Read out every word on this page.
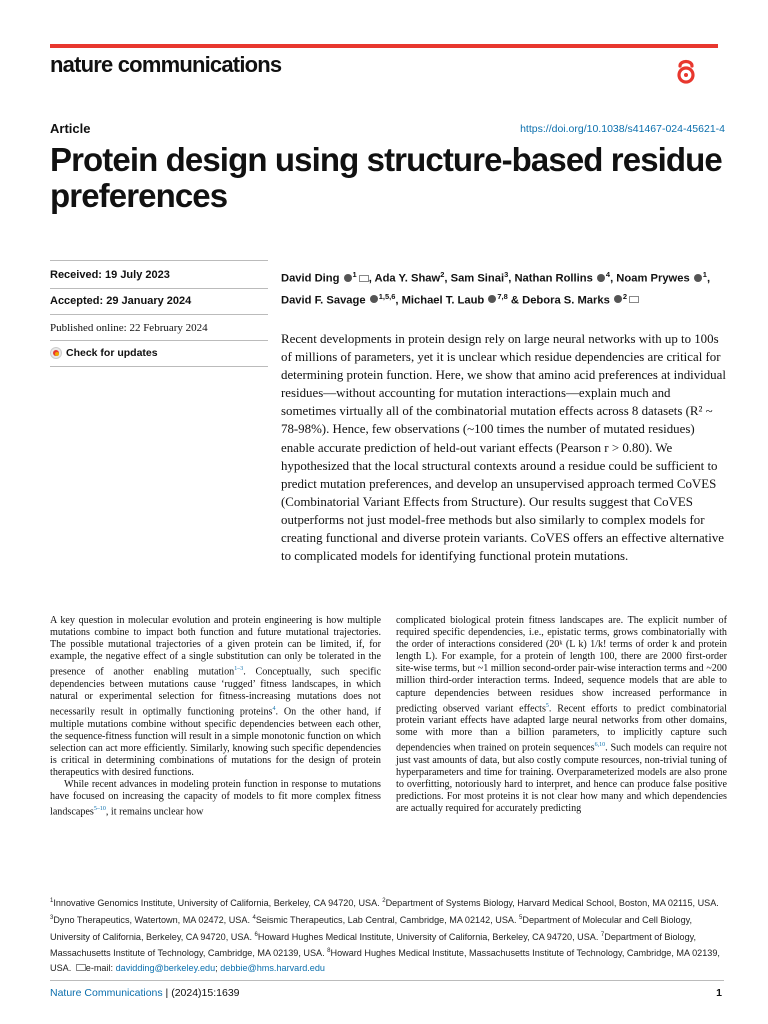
nature communications
Article	https://doi.org/10.1038/s41467-024-45621-4
Protein design using structure-based residue preferences
Received: 19 July 2023
Accepted: 29 January 2024
Published online: 22 February 2024
Check for updates
David Ding $^1$ , Ada Y. Shaw$^2$, Sam Sinai$^3$, Nathan Rollins $^4$, Noam Prywes $^1$, David F. Savage $^{1,5,6}$, Michael T. Laub $^{7,8}$ & Debora S. Marks $^2$

Recent developments in protein design rely on large neural networks with up to 100s of millions of parameters, yet it is unclear which residue dependencies are critical for determining protein function. Here, we show that amino acid preferences at individual residues—without accounting for mutation interactions—explain much and sometimes virtually all of the combinatorial mutation effects across 8 datasets (R² ~ 78-98%). Hence, few observations (~100 times the number of mutated residues) enable accurate prediction of held-out variant effects (Pearson r > 0.80). We hypothesized that the local structural contexts around a residue could be sufficient to predict mutation preferences, and develop an unsupervised approach termed CoVES (Combinatorial Variant Effects from Structure). Our results suggest that CoVES outperforms not just model-free methods but also similarly to complex models for creating functional and diverse protein variants. CoVES offers an effective alternative to complicated models for identifying functional protein mutations.

A key question in molecular evolution and protein engineering is how multiple mutations combine to impact both function and future mutational trajectories. The possible mutational trajectories of a given protein can be limited, if, for example, the negative effect of a single substitution can only be tolerated in the presence of another enabling mutation$^{1-3}$. Conceptually, such specific dependencies between mutations cause ‘rugged’ fitness landscapes, in which natural or experimental selection for fitness-increasing mutations does not necessarily result in optimally functioning proteins$^4$. On the other hand, if multiple mutations combine without specific dependencies between each other, the sequence-fitness function will result in a simple monotonic function on which selection can act more efficiently. Similarly, knowing such specific dependencies is critical in determining combinations of mutations for the design of protein therapeutics with desired functions.

While recent advances in modeling protein function in response to mutations have focused on increasing the capacity of models to fit more complex fitness landscapes$^{5-10}$, it remains unclear how

complicated biological protein fitness landscapes are. The explicit number of required specific dependencies, i.e., epistatic terms, grows combinatorially with the order of interactions considered (20ᵏ (L k) 1/k! terms of order k and protein length L). For example, for a protein of length 100, there are 2000 first-order site-wise terms, but ~1 million second-order pair-wise interaction terms and ~200 million third-order interaction terms. Indeed, sequence models that are able to capture dependencies between residues show increased performance in predicting observed variant effects$^5$. Recent efforts to predict combinatorial protein variant effects have adapted large neural networks from other domains, some with more than a billion parameters, to implicitly capture such dependencies when trained on protein sequences$^{6,10}$. Such models can require not just vast amounts of data, but also costly compute resources, non-trivial tuning of hyperparameters and time for training. Overparameterized models are also prone to overfitting, notoriously hard to interpret, and hence can produce false positive predictions. For most proteins it is not clear how many and which dependencies are actually required for accurately predicting

$^1$Innovative Genomics Institute, University of California, Berkeley, CA 94720, USA. $^2$Department of Systems Biology, Harvard Medical School, Boston, MA 02115, USA. $^3$Dyno Therapeutics, Watertown, MA 02472, USA. $^4$Seismic Therapeutics, Lab Central, Cambridge, MA 02142, USA. $^5$Department of Molecular and Cell Biology, University of California, Berkeley, CA 94720, USA. $^6$Howard Hughes Medical Institute, University of California, Berkeley, CA 94720, USA. $^7$Department of Biology, Massachusetts Institute of Technology, Cambridge, MA 02139, USA. $^8$Howard Hughes Medical Institute, Massachusetts Institute of Technology, Cambridge, MA 02139, USA. e-mail: davidding@berkeley.edu; debbie@hms.harvard.edu
Nature Communications | (2024)15:1639	1
